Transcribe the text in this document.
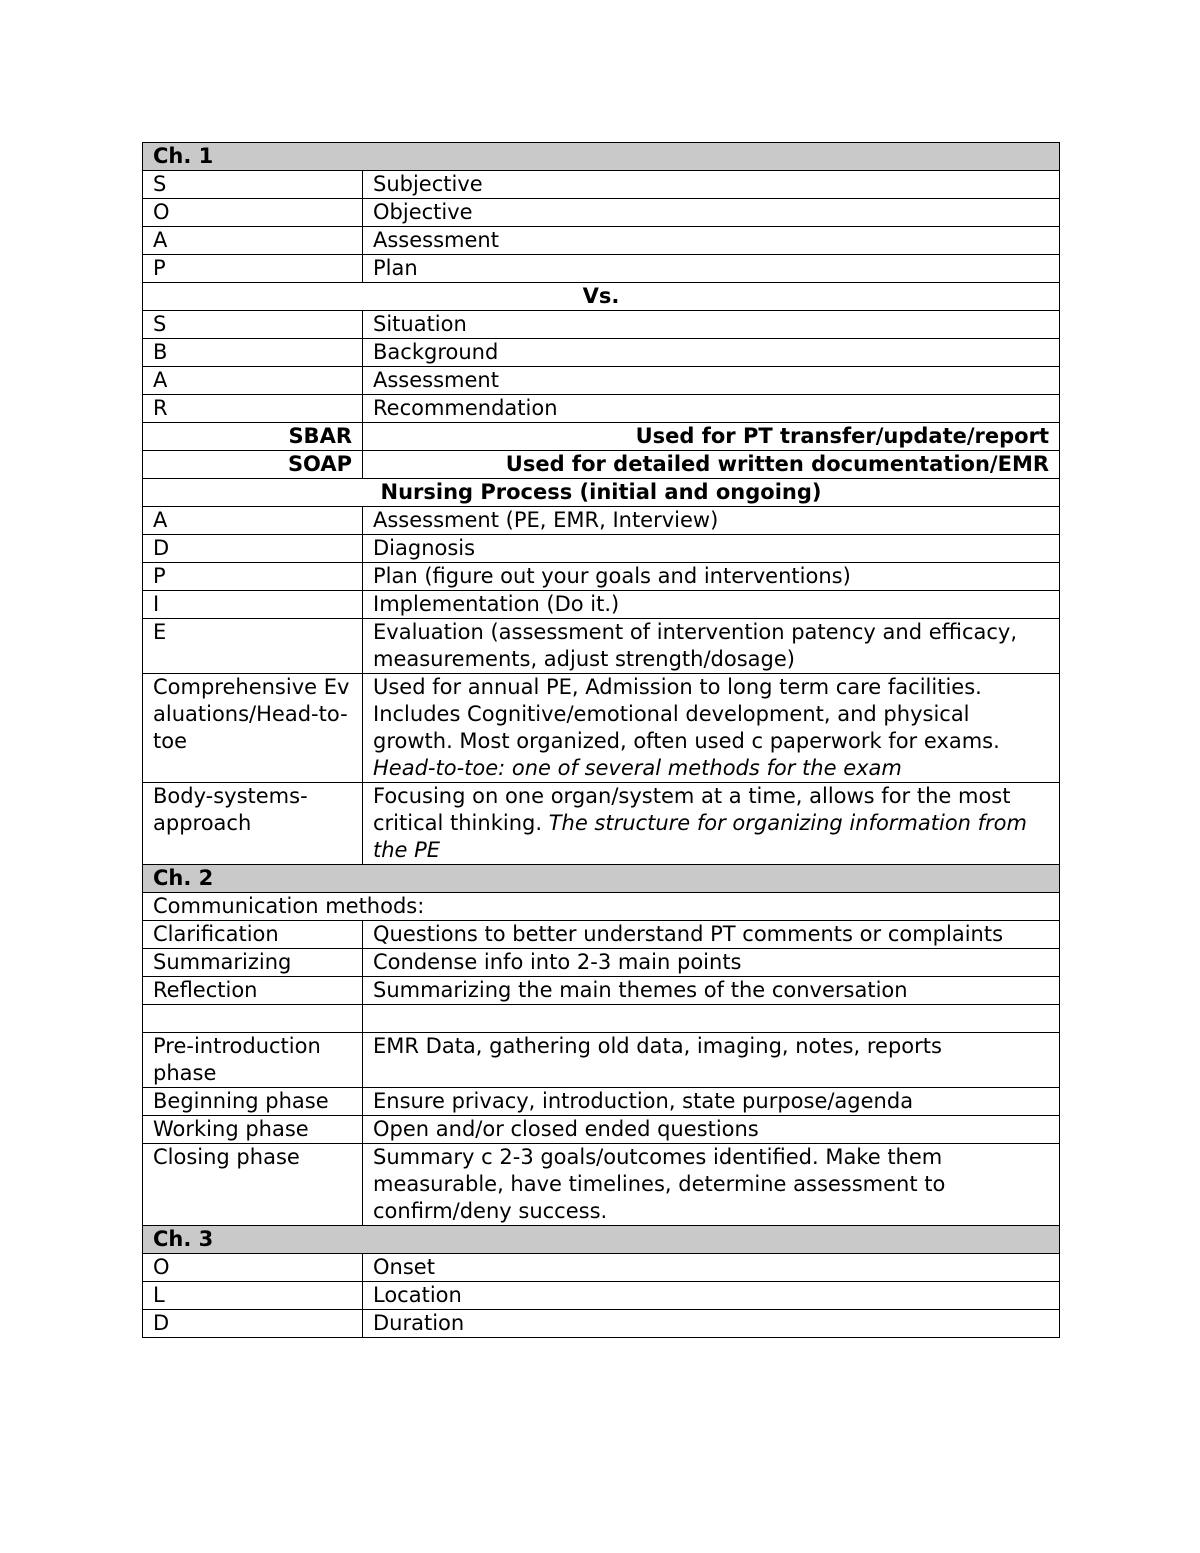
Ch. 1	
S	Subjective
O	Objective
A	Assessment
P	Plan
Vs.	
S	Situation
B	Background
A	Assessment
R	Recommendation
SBAR	Used for PT transfer/update/report
SOAP	Used for detailed written documentation/EMR
Nursing Process (initial and ongoing)	
A	Assessment (PE, EMR, Interview)
D	Diagnosis
P	Plan (figure out your goals and interventions)
I	Implementation (Do it.)
E	Evaluation (assessment of intervention patency and efficacy, measurements, adjust strength/dosage)
Comprehensive Evaluations/Head-to-toe	Used for annual PE, Admission to long term care facilities. Includes Cognitive/emotional development, and physical growth. Most organized, often used c paperwork for exams. Head-to-toe: one of several methods for the exam
Body-systems-approach	Focusing on one organ/system at a time, allows for the most critical thinking. The structure for organizing information from the PE
Ch. 2	
Communication methods:	
Clarification	Questions to better understand PT comments or complaints
Summarizing	Condense info into 2-3 main points
Reflection	Summarizing the main themes of the conversation

Pre-introduction phase	EMR Data, gathering old data, imaging, notes, reports
Beginning phase	Ensure privacy, introduction, state purpose/agenda
Working phase	Open and/or closed ended questions
Closing phase	Summary c 2-3 goals/outcomes identified. Make them measurable, have timelines, determine assessment to confirm/deny success.
Ch. 3	
O	Onset
L	Location
D	Duration
